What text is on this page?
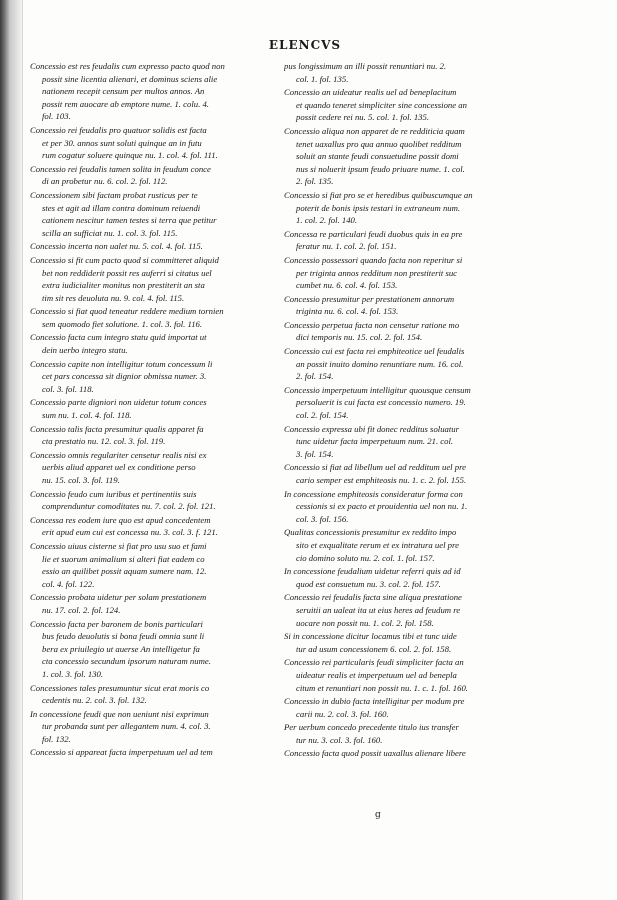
ELENCVS
Concessio est res feudalis cum expresso pacto quod non
possit sine licentia alienari, et dominus sciens alie
nationem recepit censum per multos annos. An
possit rem auocare ab emptore nume. 1. colu. 4.
fol. 103.
Concessio rei feudalis pro quatuor solidis est facta
et per 30. annos sunt soluti quinque an in futu
rum cogatur soluere quinque nu. 1. col. 4. fol. 111.
Concessio rei feudalis tamen solita in feudum conce
di an probetur nu. 6. col. 2. fol. 112.
Concessionem sibi factam probat rusticus per te
stes et agit ad illam contra dominum reiuendi
cationem nescitur tamen testes si terra que petitur
scilla an sufficiat nu. 1. col. 3. fol. 115.
Concessio incerta non ualet nu. 5. col. 4. fol. 115.
Concessio si fit cum pacto quod si committeret aliquid
bet non reddiderit possit res auferri si citatus uel
extra iudicialiter monitus non prestiterit an sta
tim sit res deuoluta nu. 9. col. 4. fol. 115.
Concessio si fiat quod teneatur reddere medium tornien
sem quomodo fiet solutione. 1. col. 3. fol. 116.
Concessio facta cum integro statu quid importat ut
dein uerbo integro statu.
Concessio capite non intelligitur totum concessum li
cet pars concessa sit dignior obmissa numer. 3.
col. 3. fol. 118.
Concessio parte digniori non uidetur totum conces
sum nu. 1. col. 4. fol. 118.
Concessio talis facta presumitur qualis apparet fa
cta prestatio nu. 12. col. 3. fol. 119.
Concessio omnis regulariter censetur realis nisi ex
uerbis aliud apparet uel ex conditione perso
nu. 15. col. 3. fol. 119.
Concessio feudo cum iuribus et pertinentiis suis
comprenduntur comoditates nu. 7. col. 2. fol. 121.
Concessa res eodem iure quo est apud concedentem
erit apud eum cui est concessa nu. 3. col. 3. f. 121.
Concessio uiuus cisterne si fiat pro usu suo et fami
lie et suorum animalium si alteri fiat eadem co
essio an quilibet possit aquam sumere nam. 12.
col. 4. fol. 122.
Concessio probata uidetur per solam prestationem
nu. 17. col. 2. fol. 124.
Concessio facta per baronem de bonis particulari
bus feudo deuolutis si bona feudi omnia sunt li
bera ex priuilegio ut auerse An intelligetur fa
cta concessio secundum ipsorum naturam nume.
1. col. 3. fol. 130.
Concessiones tales presumuntur sicut erat moris co
cedentis nu. 2. col. 3. fol. 132.
In concessione feudi que non ueniunt nisi exprimun
tur probanda sunt per allegantem num. 4. col. 3.
fol. 132.
Concessio si appareat facta imperpetuum uel ad tem
pus longissimum an illi possit renuntiari nu. 2.
col. 1. fol. 135.
Concessio an uideatur realis uel ad beneplacitum
et quando teneret simpliciter sine concessione an
possit cedere rei nu. 5. col. 1. fol. 135.
Concessio aliqua non apparet de re redditicia quam
tenet uaxallus pro qua annuo quolibet redditum
soluit an stante feudi consuetudine possit domi
nus si noluerit ipsum feudo priuare nume. 1. col.
2. fol. 135.
Concessio si fiat pro se et heredibus quibuscumque an
poterit de bonis ipsis testari in extraneum num.
1. col. 2. fol. 140.
Concessa re particulari feudi duobus quis in ea pre
feratur nu. 1. col. 2. fol. 151.
Concessio possessori quando facta non reperitur si
per triginta annos redditum non prestiterit suc
cumbet nu. 6. col. 4. fol. 153.
Concessio presumitur per prestationem annorum
triginta nu. 6. col. 4. fol. 153.
Concessio perpetua facta non censetur ratione mo
dici temporis nu. 15. col. 2. fol. 154.
Concessio cui est facta rei emphiteotice uel feudalis
an possit inuito domino renuntiare num. 16. col.
2. fol. 154.
Concessio imperpetuum intelligitur quousque censum
persoluerit is cui facta est concessio numero. 19.
col. 2. fol. 154.
Concessio expressa ubi fit donec redditus soluatur
tunc uidetur facta imperpetuum num. 21. col.
3. fol. 154.
Concessio si fiat ad libellum uel ad redditum uel pre
cario semper est emphiteosis nu. 1. c. 2. fol. 155.
In concessione emphiteosis consideratur forma con
cessionis si ex pacto et prouidentia uel non nu. 1.
col. 3. fol. 156.
Qualitas concessionis presumitur ex reddito impo
sito et exqualitate rerum et ex intratura uel pre
cio domino soluto nu. 2. col. 1. fol. 157.
In concessione feudalium uidetur referri quis ad id
quod est consuetum nu. 3. col. 2. fol. 157.
Concessio rei feudalis facta sine aliqua prestatione
seruitii an ualeat ita ut eius heres ad feudum re
uocare non possit nu. 1. col. 2. fol. 158.
Si in concessione dicitur locamus tibi et tunc uide
tur ad usum concessionem 6. col. 2. fol. 158.
Concessio rei particularis feudi simpliciter facta an
uideatur realis et imperpetuum uel ad benepla
citum et renuntiari non possit nu. 1. c. 1. fol. 160.
Concessio in dubio facta intelligitur per modum pre
carii nu. 2. col. 3. fol. 160.
Per uerbum concedo precedente titulo ius transfer
tur nu. 3. col. 3. fol. 160.
Concessio facta quod possit uaxallus alienare libere
g
